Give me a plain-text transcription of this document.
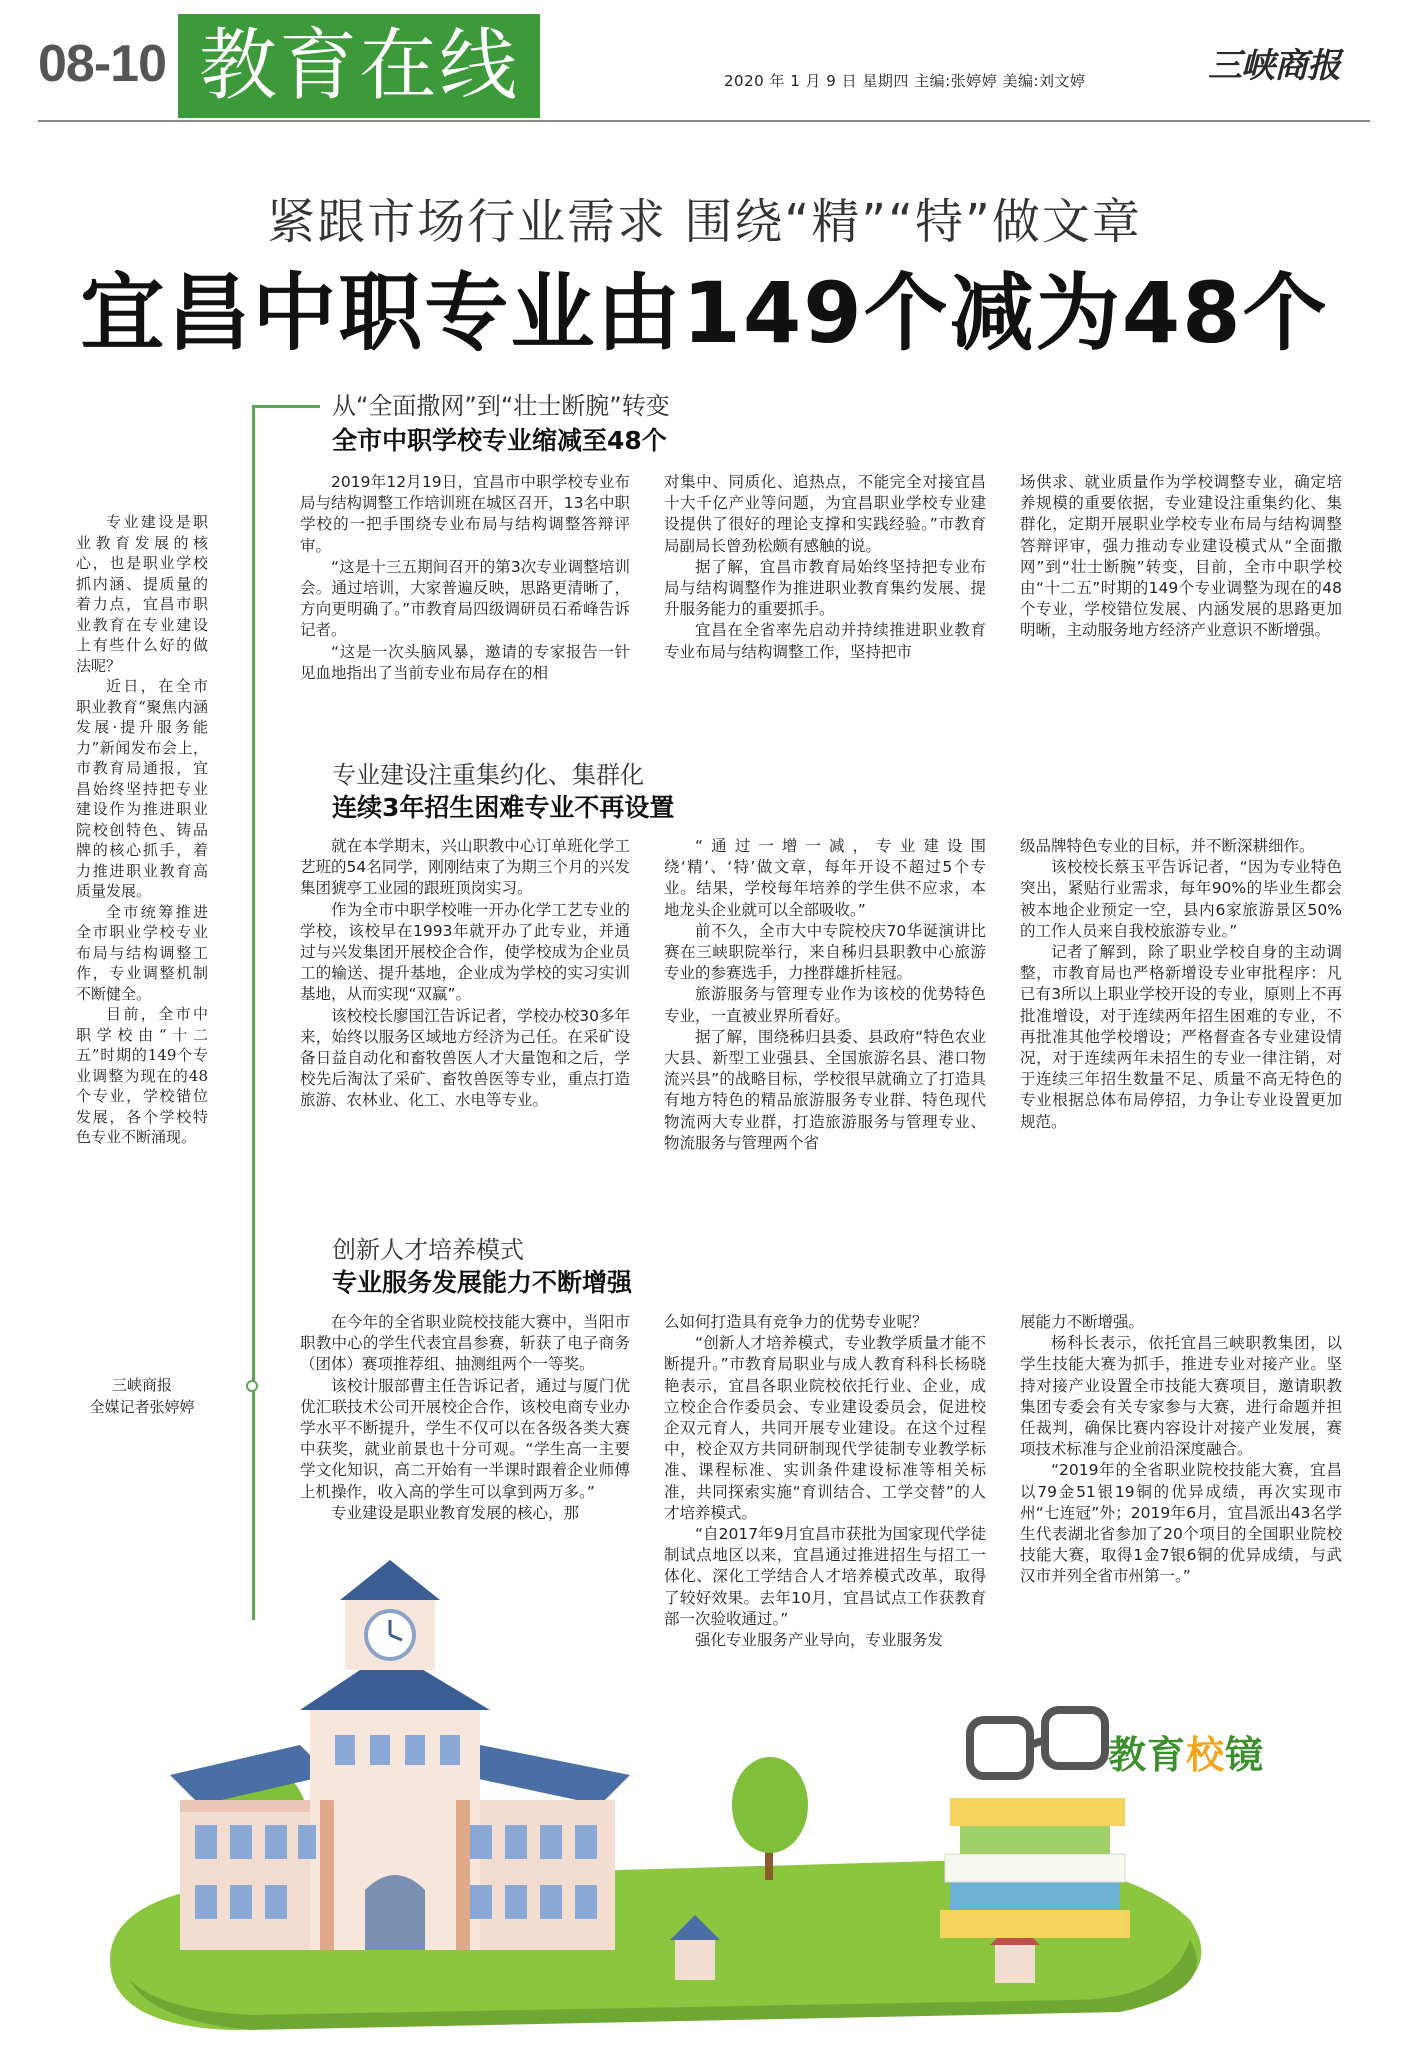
08-10 教育在线	2020 年 1 月 9 日 星期四 主编:张婷婷 美编:刘文婷	三峡商报
紧跟市场行业需求 围绕“精”“特”做文章
宜昌中职专业由149个减为48个

专业建设是职业教育发展的核心，也是职业学校抓内涵、提质量的着力点，宜昌市职业教育在专业建设上有些什么好的做法呢？

近日，在全市职业教育“聚焦内涵发展·提升服务能力”新闻发布会上，市教育局通报，宜昌始终坚持把专业建设作为推进职业院校创特色、铸品牌的核心抓手，着力推进职业教育高质量发展。

全市统筹推进全市职业学校专业布局与结构调整工作，专业调整机制不断健全。

目前，全市中职学校由“十二五”时期的149个专业调整为现在的48个专业，学校错位发展，各个学校特色专业不断涌现。

三峡商报
全媒记者张婷婷
从“全面撒网”到“壮士断腕”转变
全市中职学校专业缩减至48个

2019年12月19日，宜昌市中职学校专业布局与结构调整工作培训班在城区召开，13名中职学校的一把手围绕专业布局与结构调整答辩评审。

“这是十三五期间召开的第3次专业调整培训会。通过培训，大家普遍反映，思路更清晰了，方向更明确了。”市教育局四级调研员石希峰告诉记者。

“这是一次头脑风暴，邀请的专家报告一针见血地指出了当前专业布局存在的相

对集中、同质化、追热点，不能完全对接宜昌十大千亿产业等问题，为宜昌职业学校专业建设提供了很好的理论支撑和实践经验。”市教育局副局长曾劲松颇有感触的说。

据了解，宜昌市教育局始终坚持把专业布局与结构调整作为推进职业教育集约发展、提升服务能力的重要抓手。

宜昌在全省率先启动并持续推进职业教育专业布局与结构调整工作，坚持把市

场供求、就业质量作为学校调整专业，确定培养规模的重要依据，专业建设注重集约化、集群化，定期开展职业学校专业布局与结构调整答辩评审，强力推动专业建设模式从“全面撒网”到“壮士断腕”转变，目前，全市中职学校由“十二五”时期的149个专业调整为现在的48个专业，学校错位发展、内涵发展的思路更加明晰，主动服务地方经济产业意识不断增强。

专业建设注重集约化、集群化
连续3年招生困难专业不再设置

就在本学期末，兴山职教中心订单班化学工艺班的54名同学，刚刚结束了为期三个月的兴发集团猇亭工业园的跟班顶岗实习。

作为全市中职学校唯一开办化学工艺专业的学校，该校早在1993年就开办了此专业，并通过与兴发集团开展校企合作，使学校成为企业员工的输送、提升基地，企业成为学校的实习实训基地，从而实现“双赢”。

该校校长廖国江告诉记者，学校办校30多年来，始终以服务区域地方经济为己任。在采矿设备日益自动化和畜牧兽医人才大量饱和之后，学校先后淘汰了采矿、畜牧兽医等专业，重点打造旅游、农林业、化工、水电等专业。

“通过一增一减，专业建设围绕‘精’、‘特’做文章，每年开设不超过5个专业。结果，学校每年培养的学生供不应求，本地龙头企业就可以全部吸收。”

前不久，全市大中专院校庆70华诞演讲比赛在三峡职院举行，来自秭归县职教中心旅游专业的参赛选手，力挫群雄折桂冠。

旅游服务与管理专业作为该校的优势特色专业，一直被业界所看好。

据了解，围绕秭归县委、县政府“特色农业大县、新型工业强县、全国旅游名县、港口物流兴县”的战略目标，学校很早就确立了打造具有地方特色的精品旅游服务专业群、特色现代物流两大专业群，打造旅游服务与管理专业、物流服务与管理两个省

级品牌特色专业的目标，并不断深耕细作。

该校校长蔡玉平告诉记者，“因为专业特色突出，紧贴行业需求，每年90%的毕业生都会被本地企业预定一空，县内6家旅游景区50%的工作人员来自我校旅游专业。”

记者了解到，除了职业学校自身的主动调整，市教育局也严格新增设专业审批程序：凡已有3所以上职业学校开设的专业，原则上不再批准增设，对于连续两年招生困难的专业，不再批准其他学校增设；严格督查各专业建设情况，对于连续两年未招生的专业一律注销，对于连续三年招生数量不足、质量不高无特色的专业根据总体布局停招，力争让专业设置更加规范。

创新人才培养模式
专业服务发展能力不断增强

在今年的全省职业院校技能大赛中，当阳市职教中心的学生代表宜昌参赛，斩获了电子商务（团体）赛项推荐组、抽测组两个一等奖。

该校计服部曹主任告诉记者，通过与厦门优优汇联技术公司开展校企合作，该校电商专业办学水平不断提升，学生不仅可以在各级各类大赛中获奖，就业前景也十分可观。“学生高一主要学文化知识，高二开始有一半课时跟着企业师傅上机操作，收入高的学生可以拿到两万多。”

专业建设是职业教育发展的核心，那

么如何打造具有竞争力的优势专业呢？

“创新人才培养模式，专业教学质量才能不断提升。”市教育局职业与成人教育科科长杨晓艳表示，宜昌各职业院校依托行业、企业，成立校企合作委员会、专业建设委员会，促进校企双元育人，共同开展专业建设。在这个过程中，校企双方共同研制现代学徒制专业教学标准、课程标准、实训条件建设标准等相关标准，共同探索实施“育训结合、工学交替”的人才培养模式。

“自2017年9月宜昌市获批为国家现代学徒制试点地区以来，宜昌通过推进招生与招工一体化、深化工学结合人才培养模式改革，取得了较好效果。去年10月，宜昌试点工作获教育部一次验收通过。”

强化专业服务产业导向，专业服务发

展能力不断增强。

杨科长表示，依托宜昌三峡职教集团，以学生技能大赛为抓手，推进专业对接产业。坚持对接产业设置全市技能大赛项目，邀请职教集团专委会有关专家参与大赛，进行命题并担任裁判，确保比赛内容设计对接产业发展，赛项技术标准与企业前沿深度融合。

“2019年的全省职业院校技能大赛，宜昌以79金51银19铜的优异成绩，再次实现市州“七连冠”外；2019年6月，宜昌派出43名学生代表湖北省参加了20个项目的全国职业院校技能大赛，取得1金7银6铜的优异成绩，与武汉市并列全省市州第一。”

教育校镜
